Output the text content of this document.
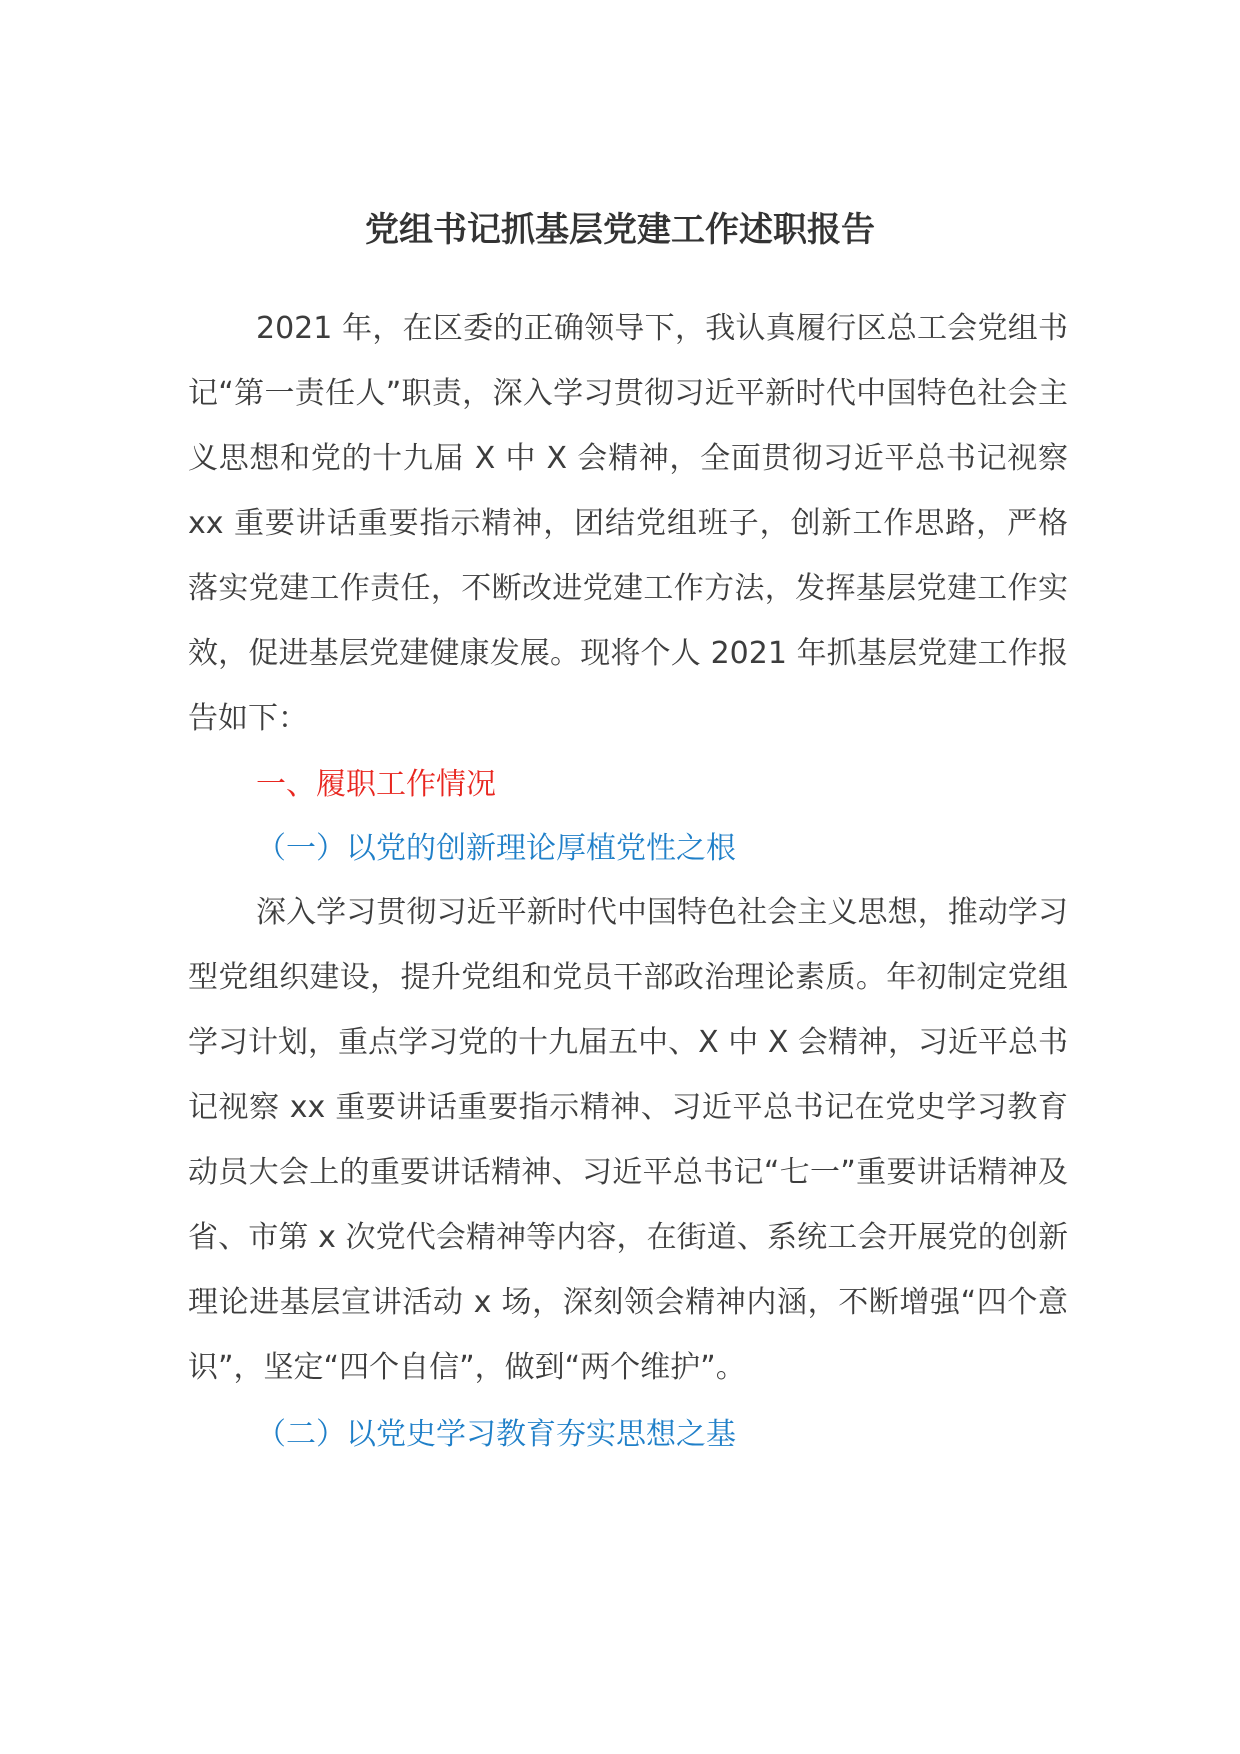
党组书记抓基层党建工作述职报告

2021 年，在区委的正确领导下，我认真履行区总工会党组书记“第一责任人”职责，深入学习贯彻习近平新时代中国特色社会主义思想和党的十九届 X 中 X 会精神，全面贯彻习近平总书记视察 xx 重要讲话重要指示精神，团结党组班子，创新工作思路，严格落实党建工作责任，不断改进党建工作方法，发挥基层党建工作实效，促进基层党建健康发展。现将个人 2021 年抓基层党建工作报告如下：

一、履职工作情况

（一）以党的创新理论厚植党性之根

深入学习贯彻习近平新时代中国特色社会主义思想，推动学习型党组织建设，提升党组和党员干部政治理论素质。年初制定党组学习计划，重点学习党的十九届五中、X 中 X 会精神，习近平总书记视察 xx 重要讲话重要指示精神、习近平总书记在党史学习教育动员大会上的重要讲话精神、习近平总书记“七一”重要讲话精神及省、市第 x 次党代会精神等内容，在街道、系统工会开展党的创新理论进基层宣讲活动 x 场，深刻领会精神内涵，不断增强“四个意识”，坚定“四个自信”，做到“两个维护”。

（二）以党史学习教育夯实思想之基
